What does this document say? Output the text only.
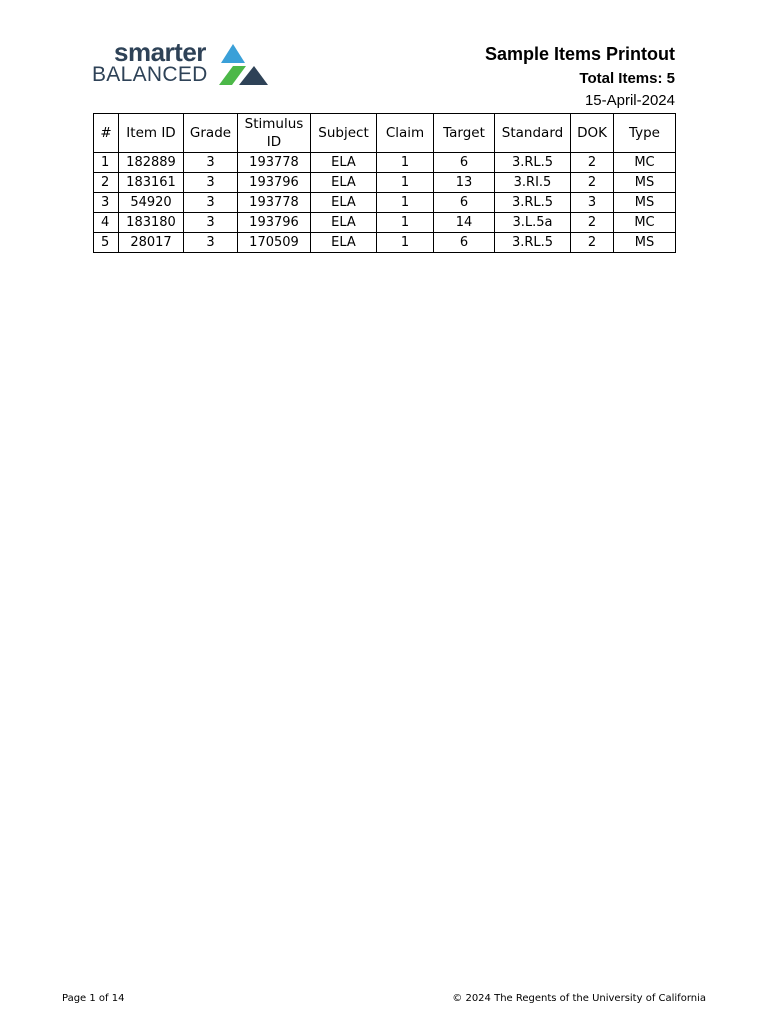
smarter
BALANCED
Sample Items Printout
Total Items: 5
15-April-2024
#	Item ID	Grade	Stimulus ID	Subject	Claim	Target	Standard	DOK	Type
1	182889	3	193778	ELA	1	6	3.RL.5	2	MC
2	183161	3	193796	ELA	1	13	3.RI.5	2	MS
3	54920	3	193778	ELA	1	6	3.RL.5	3	MS
4	183180	3	193796	ELA	1	14	3.L.5a	2	MC
5	28017	3	170509	ELA	1	6	3.RL.5	2	MS
Page 1 of 14	© 2024 The Regents of the University of California
